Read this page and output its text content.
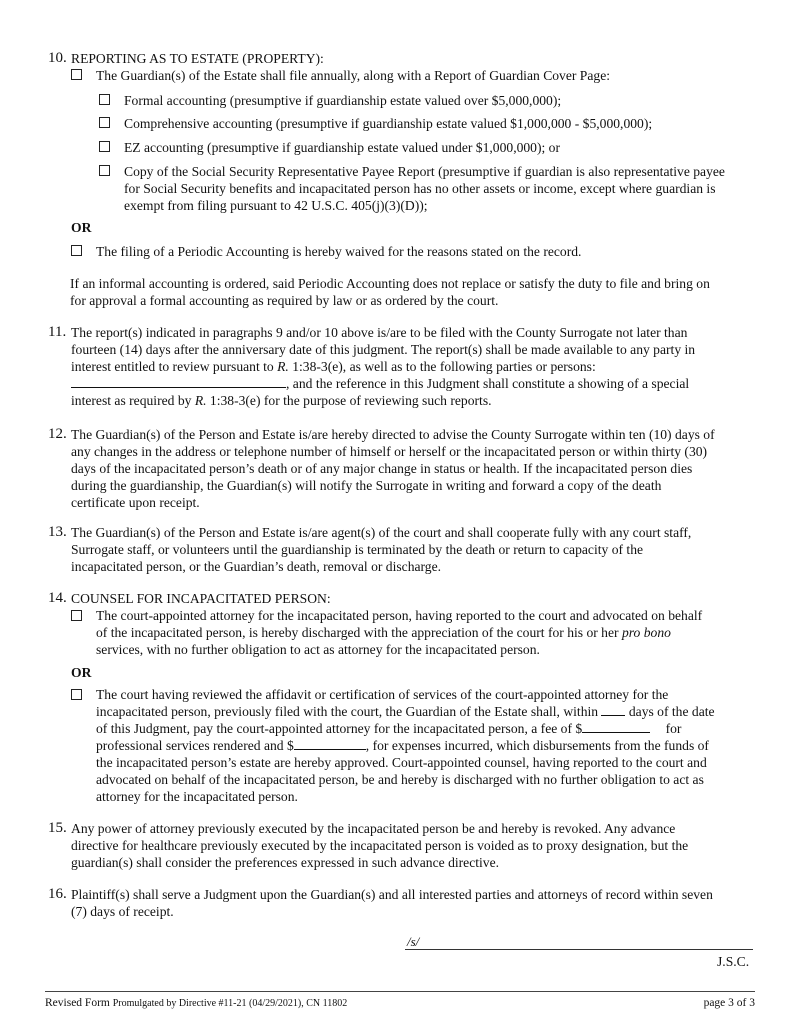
10. REPORTING AS TO ESTATE (PROPERTY):
The Guardian(s) of the Estate shall file annually, along with a Report of Guardian Cover Page:
Formal accounting (presumptive if guardianship estate valued over $5,000,000);
Comprehensive accounting (presumptive if guardianship estate valued $1,000,000 - $5,000,000);
EZ accounting (presumptive if guardianship estate valued under $1,000,000); or
Copy of the Social Security Representative Payee Report (presumptive if guardian is also representative payee for Social Security benefits and incapacitated person has no other assets or income, except where guardian is exempt from filing pursuant to 42 U.S.C. 405(j)(3)(D));
OR
The filing of a Periodic Accounting is hereby waived for the reasons stated on the record.
If an informal accounting is ordered, said Periodic Accounting does not replace or satisfy the duty to file and bring on
for approval a formal accounting as required by law or as ordered by the court.
11. The report(s) indicated in paragraphs 9 and/or 10 above is/are to be filed with the County Surrogate not later than
fourteen (14) days after the anniversary date of this judgment. The report(s) shall be made available to any party in
interest entitled to review pursuant to R. 1:38-3(e), as well as to the following parties or persons:
, and the reference in this Judgment shall constitute a showing of a special
interest as required by R. 1:38-3(e) for the purpose of reviewing such reports.
12. The Guardian(s) of the Person and Estate is/are hereby directed to advise the County Surrogate within ten (10) days of
any changes in the address or telephone number of himself or herself or the incapacitated person or within thirty (30)
days of the incapacitated person’s death or of any major change in status or health. If the incapacitated person dies
during the guardianship, the Guardian(s) will notify the Surrogate in writing and forward a copy of the death
certificate upon receipt.
13. The Guardian(s) of the Person and Estate is/are agent(s) of the court and shall cooperate fully with any court staff,
Surrogate staff, or volunteers until the guardianship is terminated by the death or return to capacity of the
incapacitated person, or the Guardian’s death, removal or discharge.
14. COUNSEL FOR INCAPACITATED PERSON:
The court-appointed attorney for the incapacitated person, having reported to the court and advocated on behalf
of the incapacitated person, is hereby discharged with the appreciation of the court for his or her pro bono
services, with no further obligation to act as attorney for the incapacitated person.
OR
The court having reviewed the affidavit or certification of services of the court-appointed attorney for the
incapacitated person, previously filed with the court, the Guardian of the Estate shall, within  days of the date
of this Judgment, pay the court-appointed attorney for the incapacitated person, a fee of $	for
professional services rendered and $	, for expenses incurred, which disbursements from the funds of
the incapacitated person’s estate are hereby approved. Court-appointed counsel, having reported to the court and
advocated on behalf of the incapacitated person, be and hereby is discharged with no further obligation to act as
attorney for the incapacitated person.
15. Any power of attorney previously executed by the incapacitated person be and hereby is revoked. Any advance
directive for healthcare previously executed by the incapacitated person is voided as to proxy designation, but the
guardian(s) shall consider the preferences expressed in such advance directive.
16. Plaintiff(s) shall serve a Judgment upon the Guardian(s) and all interested parties and attorneys of record within seven
(7) days of receipt.
/s/
J.S.C.
Revised Form Promulgated by Directive #11-21 (04/29/2021), CN 11802	page 3 of 3
